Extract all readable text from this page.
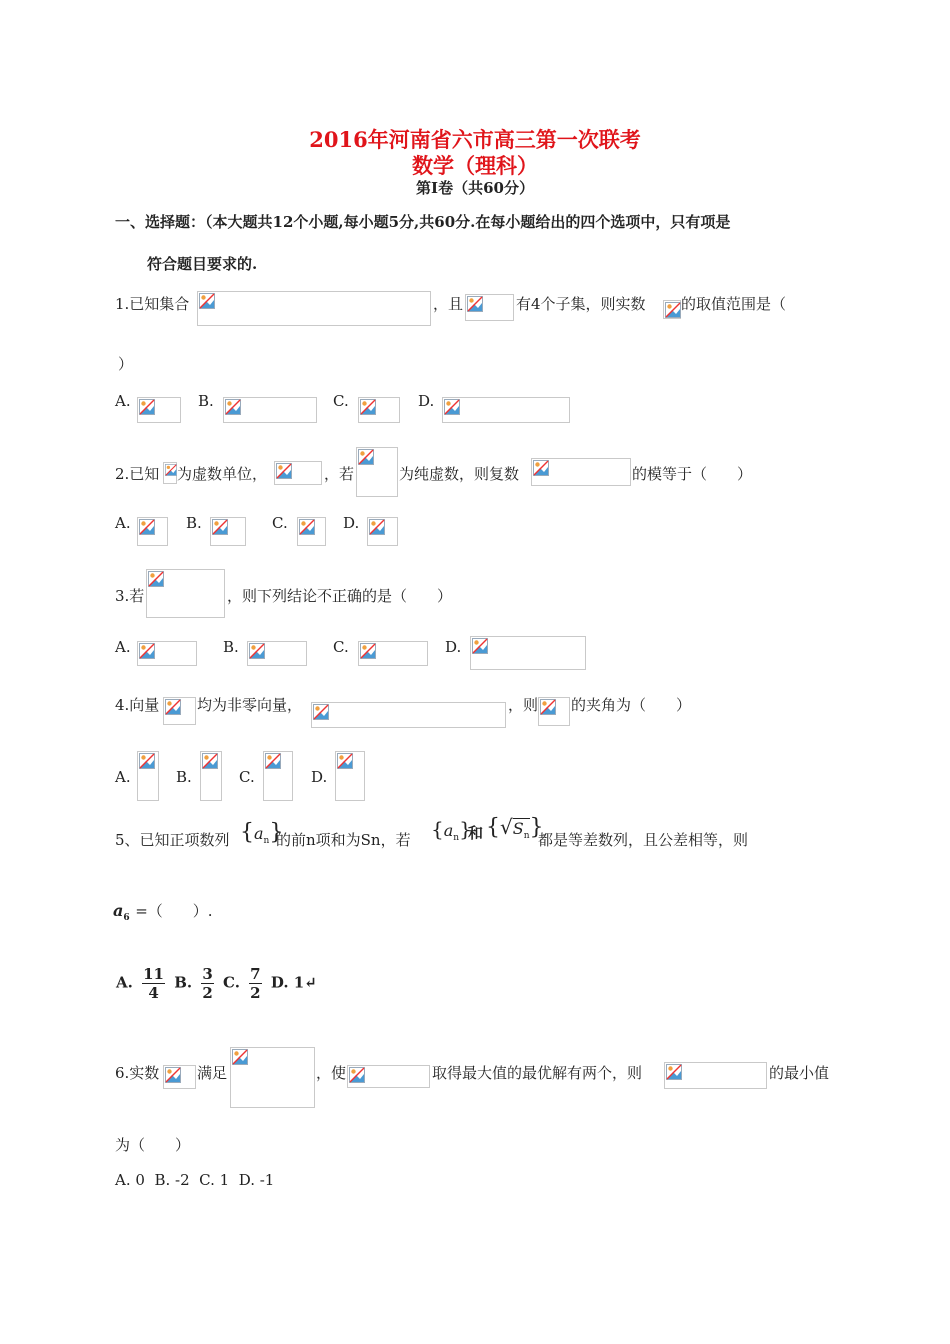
2016年河南省六市高三第一次联考
数学（理科）
第Ⅰ卷（共60分）
一、选择题：（本大题共12个小题,每小题5分,共60分.在每小题给出的四个选项中，只有项是
符合题目要求的.
1.已知集合	，且	有4个子集，则实数 的取值范围是（
）
A.	B.	C.	D.
2.已知 为虚数单位，	，若	为纯虚数，则复数	的模等于（　　）
A.	B.	C.	D.
3.若	，则下列结论不正确的是（　　）
A.	B.	C.	D.
4.向量	均为非零向量，	，则 的夹角为（　　）
A.	B.	C.	D.
5、已知正项数列 $\{a_n\}$
的前n项和为Sn，若 $\{a_n\}$
和 $\{√S_n\}$
都是等差数列，且公差相等，则
$a_6$ =（　　）.
A. $\frac{11}{4} B$. $\frac{3}{2} C$. $\frac{7}{2} D$. 1↵
6.实数	满足	，使	取得最大值的最优解有两个，则	的最小值
为（　　）
A. 0  B. -2  C. 1  D. -1
